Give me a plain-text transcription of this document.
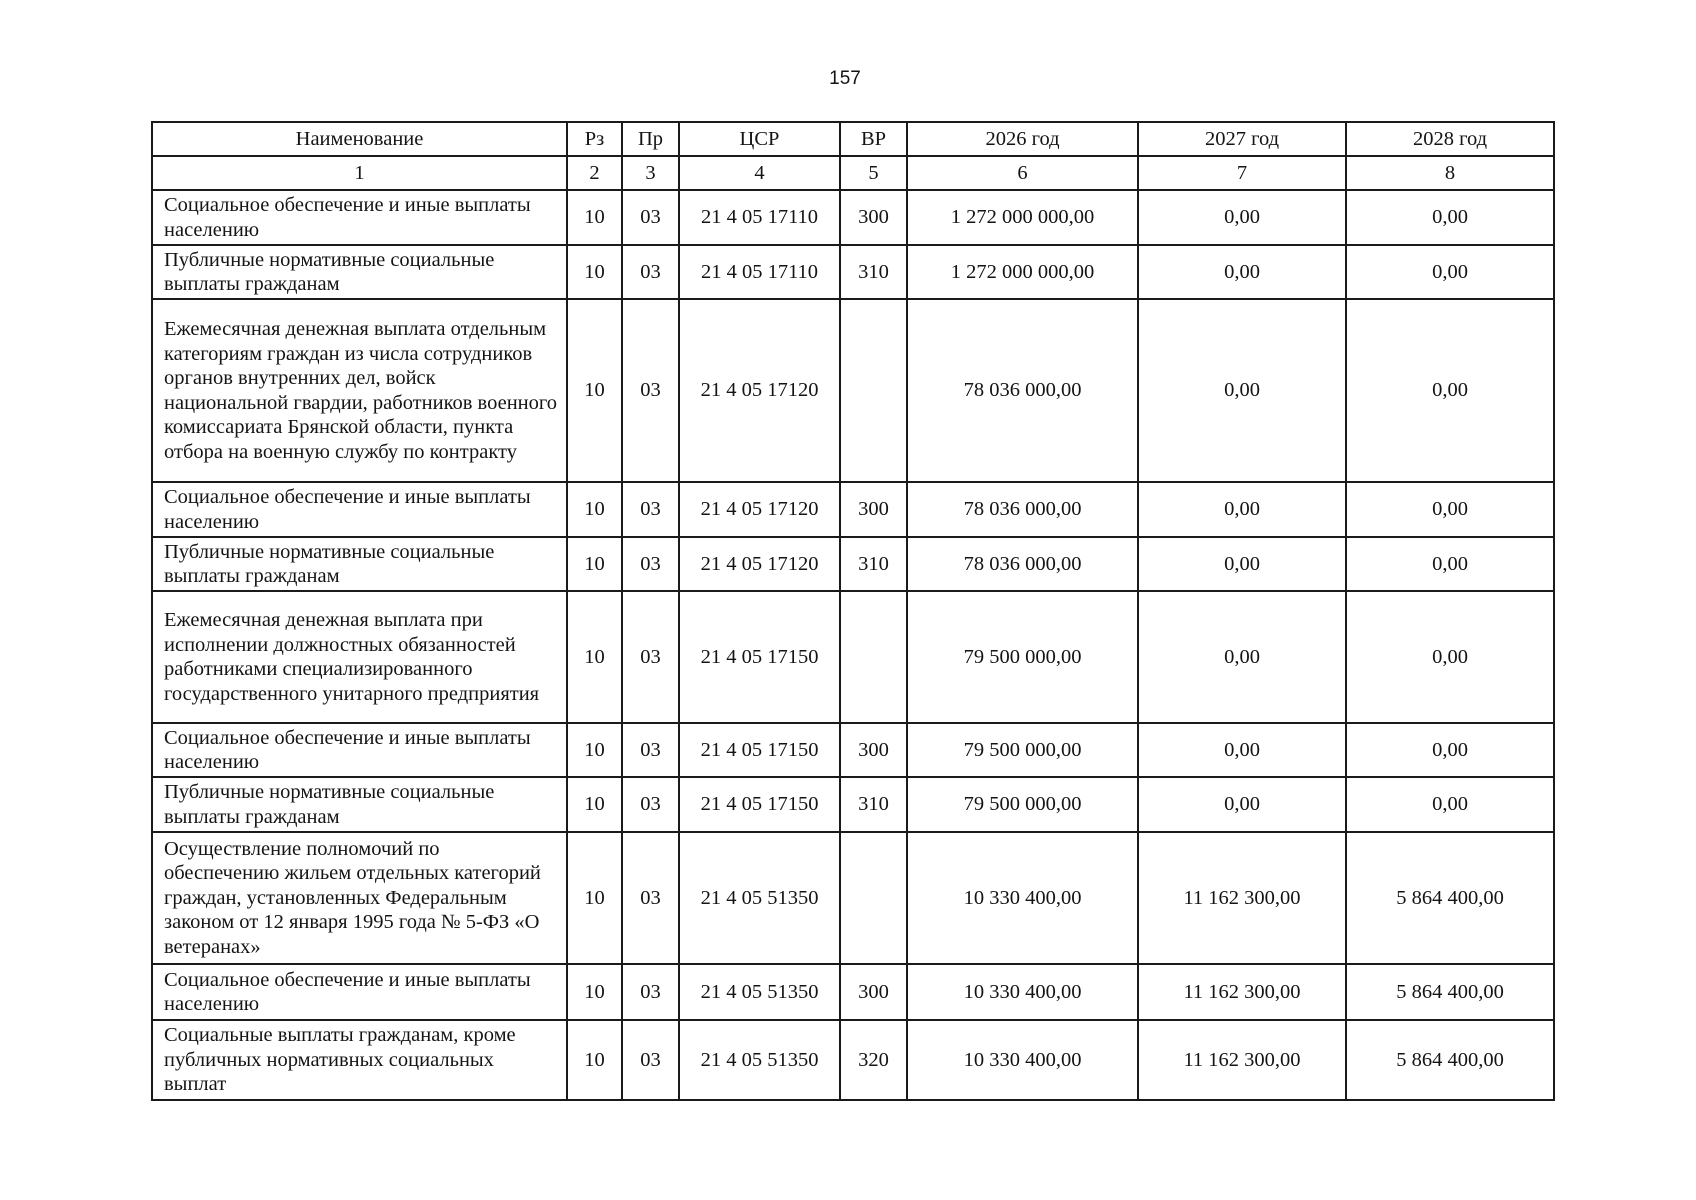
157
Наименование	Рз	Пр	ЦСР	ВР	2026 год	2027 год	2028 год
1	2	3	4	5	6	7	8
Социальное обеспечение и иные выплаты населению	10	03	21 4 05 17110	300	1 272 000 000,00	0,00	0,00
Публичные нормативные социальные выплаты гражданам	10	03	21 4 05 17110	310	1 272 000 000,00	0,00	0,00
Ежемесячная денежная выплата отдельным категориям граждан из числа сотрудников органов внутренних дел, войск национальной гвардии, работников военного комиссариата Брянской области, пункта отбора на военную службу по контракту	10	03	21 4 05 17120		78 036 000,00	0,00	0,00
Социальное обеспечение и иные выплаты населению	10	03	21 4 05 17120	300	78 036 000,00	0,00	0,00
Публичные нормативные социальные выплаты гражданам	10	03	21 4 05 17120	310	78 036 000,00	0,00	0,00
Ежемесячная денежная выплата при исполнении должностных обязанностей работниками специализированного государственного унитарного предприятия	10	03	21 4 05 17150		79 500 000,00	0,00	0,00
Социальное обеспечение и иные выплаты населению	10	03	21 4 05 17150	300	79 500 000,00	0,00	0,00
Публичные нормативные социальные выплаты гражданам	10	03	21 4 05 17150	310	79 500 000,00	0,00	0,00
Осуществление полномочий по обеспечению жильем отдельных категорий граждан, установленных Федеральным законом от 12 января 1995 года № 5-ФЗ «О ветеранах»	10	03	21 4 05 51350		10 330 400,00	11 162 300,00	5 864 400,00
Социальное обеспечение и иные выплаты населению	10	03	21 4 05 51350	300	10 330 400,00	11 162 300,00	5 864 400,00
Социальные выплаты гражданам, кроме публичных нормативных социальных выплат	10	03	21 4 05 51350	320	10 330 400,00	11 162 300,00	5 864 400,00
